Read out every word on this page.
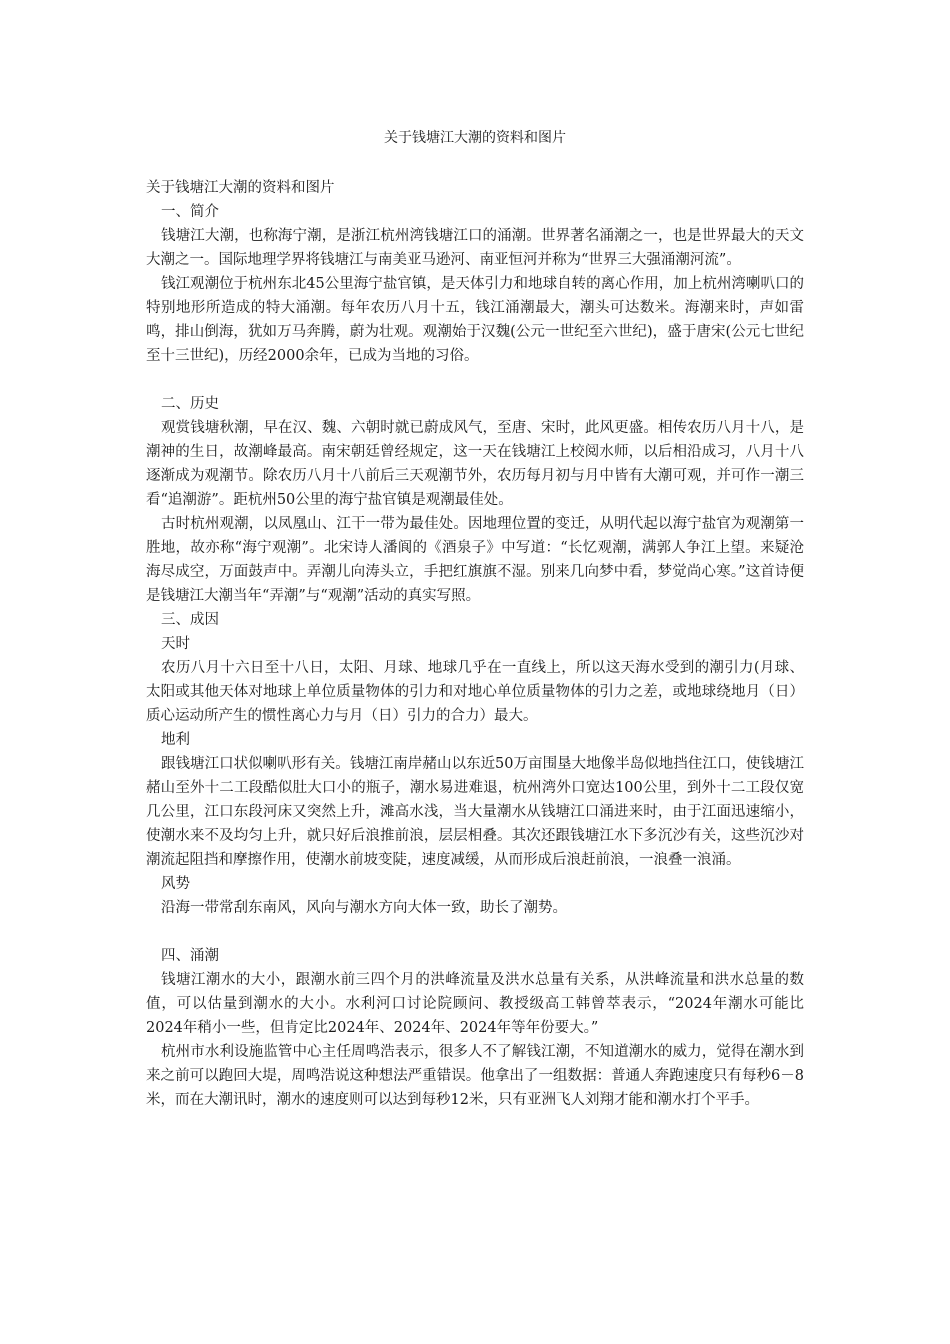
关于钱塘江大潮的资料和图片

关于钱塘江大潮的资料和图片

一、简介

钱塘江大潮，也称海宁潮，是浙江杭州湾钱塘江口的涌潮。世界著名涌潮之一，也是世界最大的天文大潮之一。国际地理学界将钱塘江与南美亚马逊河、南亚恒河并称为“世界三大强涌潮河流”。

钱江观潮位于杭州东北45公里海宁盐官镇，是天体引力和地球自转的离心作用，加上杭州湾喇叭口的特别地形所造成的特大涌潮。每年农历八月十五，钱江涌潮最大，潮头可达数米。海潮来时，声如雷鸣，排山倒海，犹如万马奔腾，蔚为壮观。观潮始于汉魏(公元一世纪至六世纪)，盛于唐宋(公元七世纪至十三世纪)，历经2000余年，已成为当地的习俗。

二、历史

观赏钱塘秋潮，早在汉、魏、六朝时就已蔚成风气，至唐、宋时，此风更盛。相传农历八月十八，是潮神的生日，故潮峰最高。南宋朝廷曾经规定，这一天在钱塘江上校阅水师，以后相沿成习，八月十八逐渐成为观潮节。除农历八月十八前后三天观潮节外，农历每月初与月中皆有大潮可观，并可作一潮三看“追潮游”。距杭州50公里的海宁盐官镇是观潮最佳处。

古时杭州观潮，以凤凰山、江干一带为最佳处。因地理位置的变迁，从明代起以海宁盐官为观潮第一胜地，故亦称“海宁观潮”。北宋诗人潘阆的《酒泉子》中写道：“长忆观潮，满郭人争江上望。来疑沧海尽成空，万面鼓声中。弄潮儿向涛头立，手把红旗旗不湿。别来几向梦中看，梦觉尚心寒。”这首诗便是钱塘江大潮当年“弄潮”与“观潮”活动的真实写照。

三、成因

天时

农历八月十六日至十八日，太阳、月球、地球几乎在一直线上，所以这天海水受到的潮引力(月球、太阳或其他天体对地球上单位质量物体的引力和对地心单位质量物体的引力之差，或地球绕地月（日）质心运动所产生的惯性离心力与月（日）引力的合力）最大。

地利

跟钱塘江口状似喇叭形有关。钱塘江南岸赭山以东近50万亩围垦大地像半岛似地挡住江口，使钱塘江赭山至外十二工段酷似肚大口小的瓶子，潮水易进难退，杭州湾外口宽达100公里，到外十二工段仅宽几公里，江口东段河床又突然上升，滩高水浅，当大量潮水从钱塘江口涌进来时，由于江面迅速缩小，使潮水来不及均匀上升，就只好后浪推前浪，层层相叠。其次还跟钱塘江水下多沉沙有关，这些沉沙对潮流起阻挡和摩擦作用，使潮水前坡变陡，速度减缓，从而形成后浪赶前浪，一浪叠一浪涌。

风势

沿海一带常刮东南风，风向与潮水方向大体一致，助长了潮势。

四、涌潮

钱塘江潮水的大小，跟潮水前三四个月的洪峰流量及洪水总量有关系，从洪峰流量和洪水总量的数值，可以估量到潮水的大小。水利河口讨论院顾问、教授级高工韩曾萃表示，“2024年潮水可能比2024年稍小一些，但肯定比2024年、2024年、2024年等年份要大。”

杭州市水利设施监管中心主任周鸣浩表示，很多人不了解钱江潮，不知道潮水的威力，觉得在潮水到来之前可以跑回大堤，周鸣浩说这种想法严重错误。他拿出了一组数据：普通人奔跑速度只有每秒6－8米，而在大潮讯时，潮水的速度则可以达到每秒12米，只有亚洲飞人刘翔才能和潮水打个平手。
